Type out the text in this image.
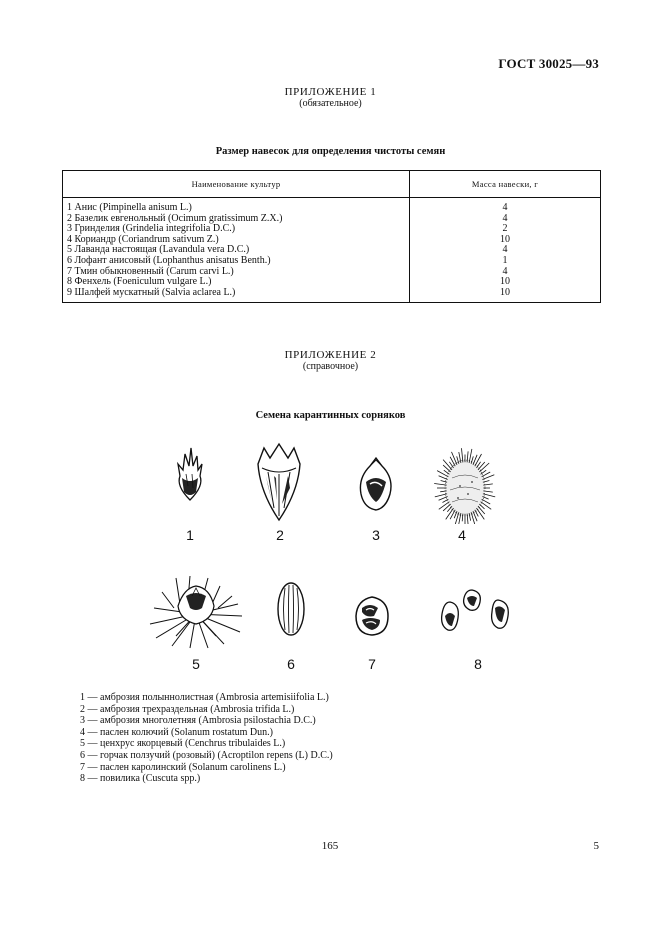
ГОСТ 30025—93
ПРИЛОЖЕНИЕ 1
(обязательное)
Размер навесок для определения чистоты семян
Наименование культур	Масса навески, г
1 Анис (Pimpinella anisum L.)	4
2 Базелик евгенольный (Ocimum gratissimum Z.X.)	4
3 Гринделия (Grindelia integrifolia D.C.)	2
4 Кориандр (Coriandrum sativum Z.)	10
5 Лаванда настоящая (Lavandula vera D.C.)	4
6 Лофант анисовый (Lophanthus anisatus Benth.)	1
7 Тмин обыкновенный (Carum carvi L.)	4
8 Фенхель (Foeniculum vulgare L.)	10
9 Шалфей мускатный (Salvia aclarea L.)	10
ПРИЛОЖЕНИЕ 2
(справочное)
Семена карантинных сорняков
1	2	3	4
5	6	7	8
1 — амброзия полыннолистная (Ambrosia artemisiifolia L.)
2 — амброзия трехраздельная (Ambrosia trifida L.)
3 — амброзия многолетняя (Ambrosia psilostachia D.C.)
4 — паслен колючий (Solanum rostatum Dun.)
5 — ценхрус якорцевый (Cenchrus tribulaides L.)
6 — горчак ползучий (розовый) (Acroptilon repens (L) D.C.)
7 — паслен каролинский (Solanum carolinens L.)
8 — повилика (Cuscuta spp.)
165	5
